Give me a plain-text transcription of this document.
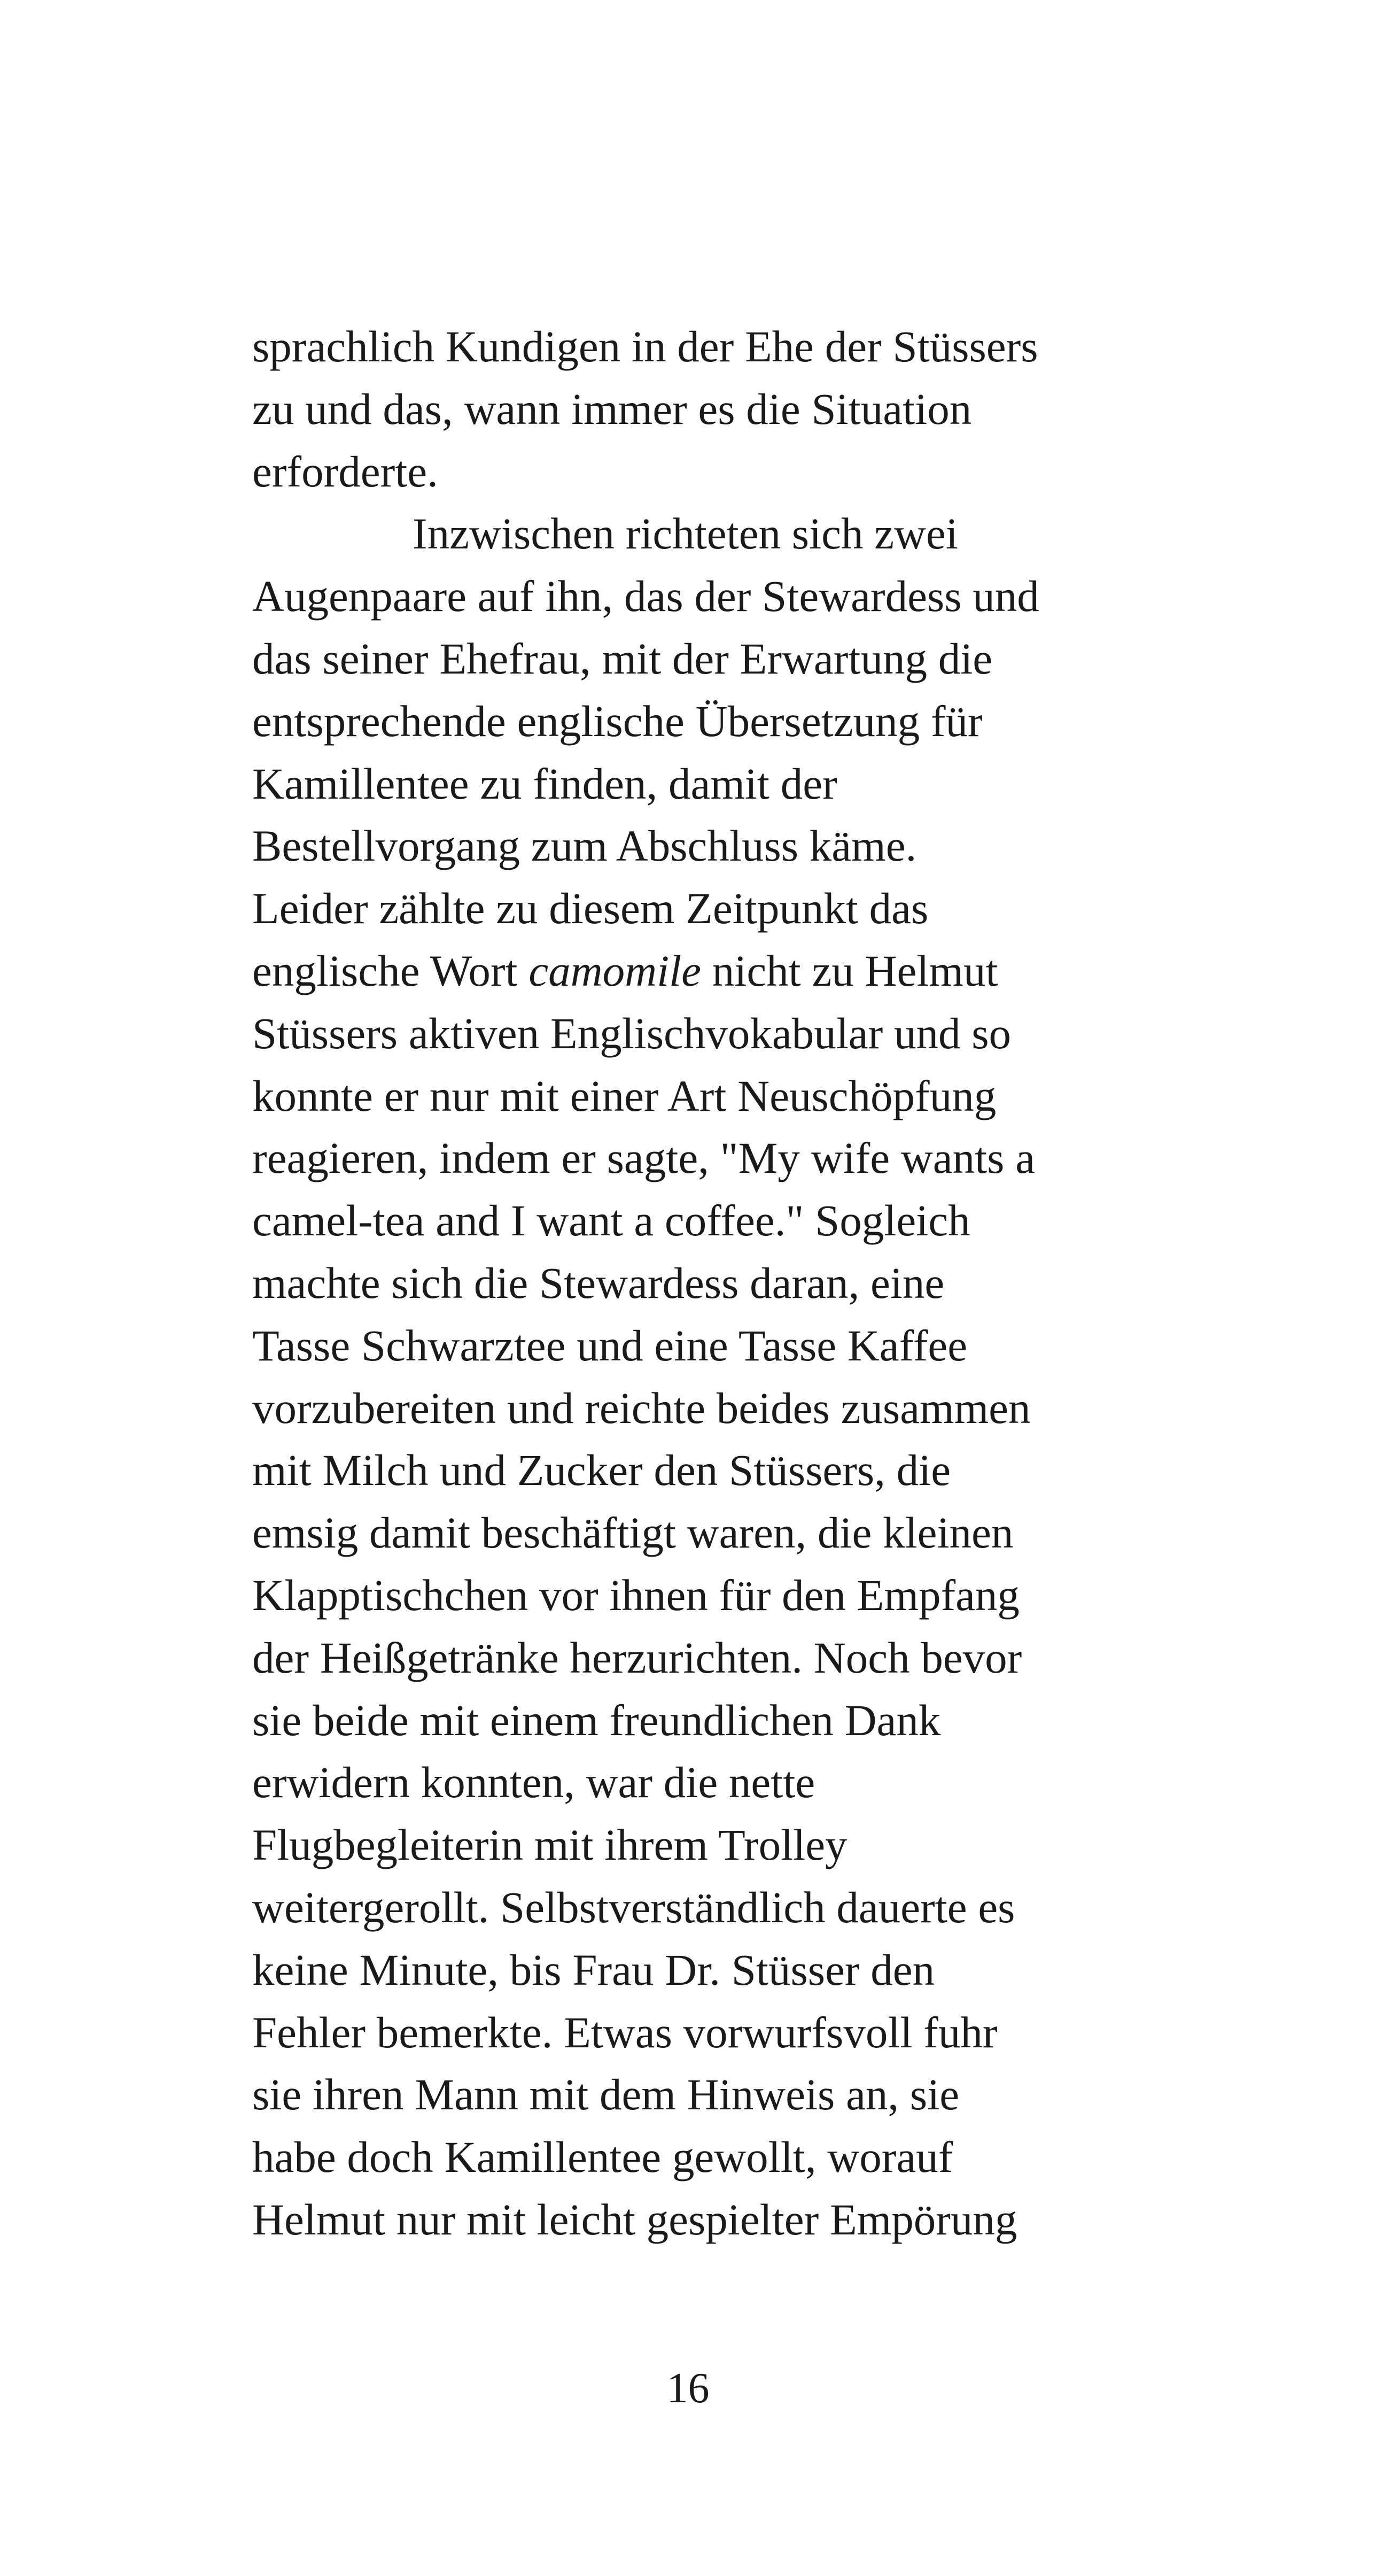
sprachlich Kundigen in der Ehe der Stüssers
zu und das, wann immer es die Situation
erforderte.
Inzwischen richteten sich zwei
Augenpaare auf ihn, das der Stewardess und
das seiner Ehefrau, mit der Erwartung die
entsprechende englische Übersetzung für
Kamillentee zu finden, damit der
Bestellvorgang zum Abschluss käme.
Leider zählte zu diesem Zeitpunkt das
englische Wort camomile nicht zu Helmut
Stüssers aktiven Englischvokabular und so
konnte er nur mit einer Art Neuschöpfung
reagieren, indem er sagte, "My wife wants a
camel-tea and I want a coffee." Sogleich
machte sich die Stewardess daran, eine
Tasse Schwarztee und eine Tasse Kaffee
vorzubereiten und reichte beides zusammen
mit Milch und Zucker den Stüssers, die
emsig damit beschäftigt waren, die kleinen
Klapptischchen vor ihnen für den Empfang
der Heißgetränke herzurichten. Noch bevor
sie beide mit einem freundlichen Dank
erwidern konnten, war die nette
Flugbegleiterin mit ihrem Trolley
weitergerollt. Selbstverständlich dauerte es
keine Minute, bis Frau Dr. Stüsser den
Fehler bemerkte. Etwas vorwurfsvoll fuhr
sie ihren Mann mit dem Hinweis an, sie
habe doch Kamillentee gewollt, worauf
Helmut nur mit leicht gespielter Empörung
16
